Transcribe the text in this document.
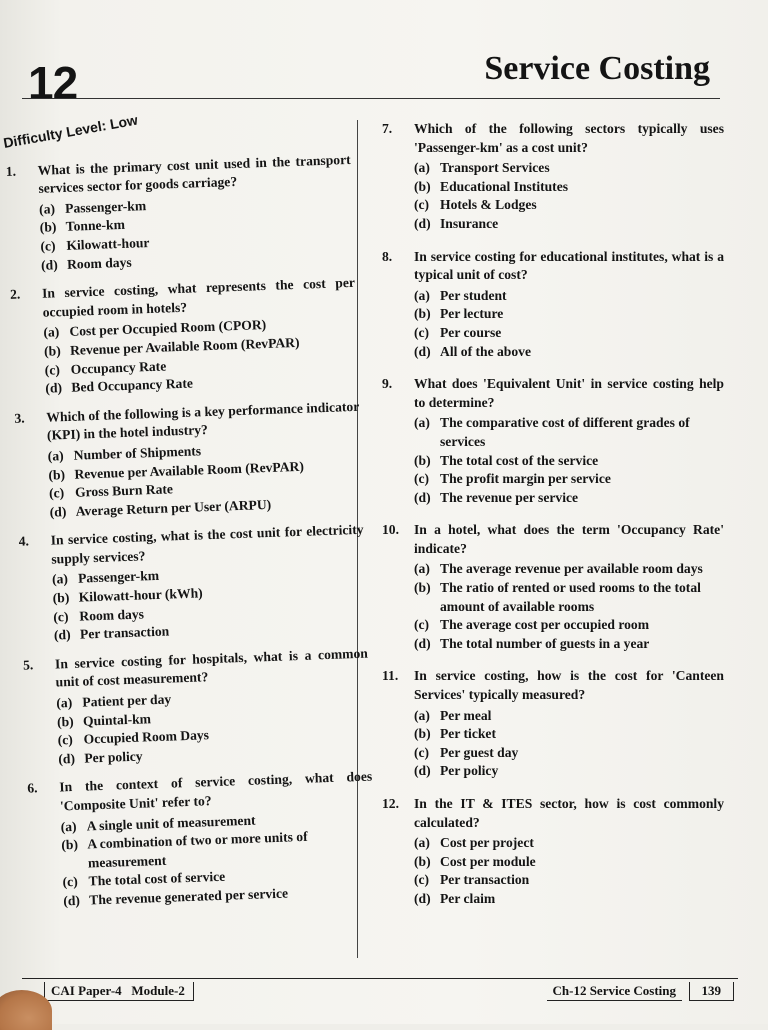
12	Service Costing
Difficulty Level: Low
1.	What is the primary cost unit used in the transport services sector for goods carriage?
(a) Passenger-km
(b) Tonne-km
(c) Kilowatt-hour
(d) Room days
2.	In service costing, what represents the cost per occupied room in hotels?
(a) Cost per Occupied Room (CPOR)
(b) Revenue per Available Room (RevPAR)
(c) Occupancy Rate
(d) Bed Occupancy Rate
3.	Which of the following is a key performance indicator (KPI) in the hotel industry?
(a) Number of Shipments
(b) Revenue per Available Room (RevPAR)
(c) Gross Burn Rate
(d) Average Return per User (ARPU)
4.	In service costing, what is the cost unit for electricity supply services?
(a) Passenger-km
(b) Kilowatt-hour (kWh)
(c) Room days
(d) Per transaction
5.	In service costing for hospitals, what is a common unit of cost measurement?
(a) Patient per day
(b) Quintal-km
(c) Occupied Room Days
(d) Per policy
6.	In the context of service costing, what does 'Composite Unit' refer to?
(a) A single unit of measurement
(b) A combination of two or more units of measurement
(c) The total cost of service
(d) The revenue generated per service
7.	Which of the following sectors typically uses 'Passenger-km' as a cost unit?
(a) Transport Services
(b) Educational Institutes
(c) Hotels & Lodges
(d) Insurance
8.	In service costing for educational institutes, what is a typical unit of cost?
(a) Per student
(b) Per lecture
(c) Per course
(d) All of the above
9.	What does 'Equivalent Unit' in service costing help to determine?
(a) The comparative cost of different grades of services
(b) The total cost of the service
(c) The profit margin per service
(d) The revenue per service
10.	In a hotel, what does the term 'Occupancy Rate' indicate?
(a) The average revenue per available room days
(b) The ratio of rented or used rooms to the total amount of available rooms
(c) The average cost per occupied room
(d) The total number of guests in a year
11.	In service costing, how is the cost for 'Canteen Services' typically measured?
(a) Per meal
(b) Per ticket
(c) Per guest day
(d) Per policy
12.	In the IT & ITES sector, how is cost commonly calculated?
(a) Cost per project
(b) Cost per module
(c) Per transaction
(d) Per claim
CAI Paper-4   Module-2	Ch-12 Service Costing	139
